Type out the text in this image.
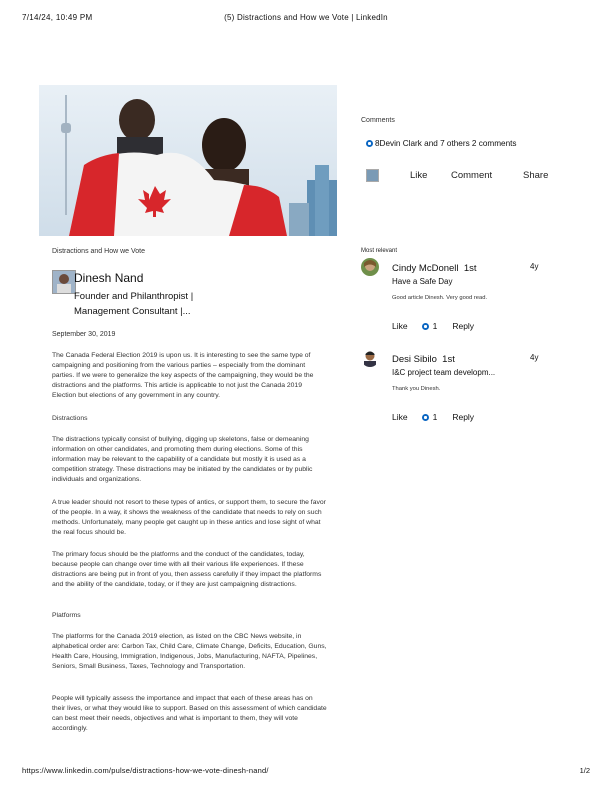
7/14/24, 10:49 PM	(5) Distractions and How we Vote | LinkedIn
Distractions and How we Vote
Dinesh Nand
Founder and Philanthropist |
Management Consultant |...
September 30, 2019

The Canada Federal Election 2019 is upon us. It is interesting to see the same type of campaigning and positioning from the various parties – especially from the dominant parties. If we were to generalize the key aspects of the campaigning, they would be the distractions and the platforms. This article is applicable to not just the Canada 2019 Election but elections of any government in any country.

Distractions

The distractions typically consist of bullying, digging up skeletons, false or demeaning information on other candidates, and promoting them during elections. Some of this information may be relevant to the capability of a candidate but mostly it is used as a competition strategy. These distractions may be initiated by the candidates or by public individuals and organizations.

A true leader should not resort to these types of antics, or support them, to secure the favor of the people. In a way, it shows the weakness of the candidate that needs to rely on such methods. Unfortunately, many people get caught up in these antics and lose sight of what the real focus should be.

The primary focus should be the platforms and the conduct of the candidates, today, because people can change over time with all their various life experiences. If these distractions are being put in front of you, then assess carefully if they impact the platforms and the ability of the candidate, today, or if they are just campaigning distractions.

Platforms

The platforms for the Canada 2019 election, as listed on the CBC News website, in alphabetical order are: Carbon Tax, Child Care, Climate Change, Deficits, Education, Guns, Health Care, Housing, Immigration, Indigenous, Jobs, Manufacturing, NAFTA, Pipelines, Seniors, Small Business, Taxes, Technology and Transportation.

People will typically assess the importance and impact that each of these areas has on their lives, or what they would like to support. Based on this assessment of which candidate can best meet their needs, objectives and what is important to them, they will vote accordingly.

Comments
8Devin Clark and 7 others 2 comments
Like Comment	Share
Most relevant
Cindy McDonell 1st	4y
Have a Safe Day
Good article Dinesh. Very good read.
Like	1 Reply
Desi Sibilo 1st	4y
I&C project team developm...
Thank you Dinesh.
Like	1 Reply
https://www.linkedin.com/pulse/distractions-how-we-vote-dinesh-nand/	1/2
